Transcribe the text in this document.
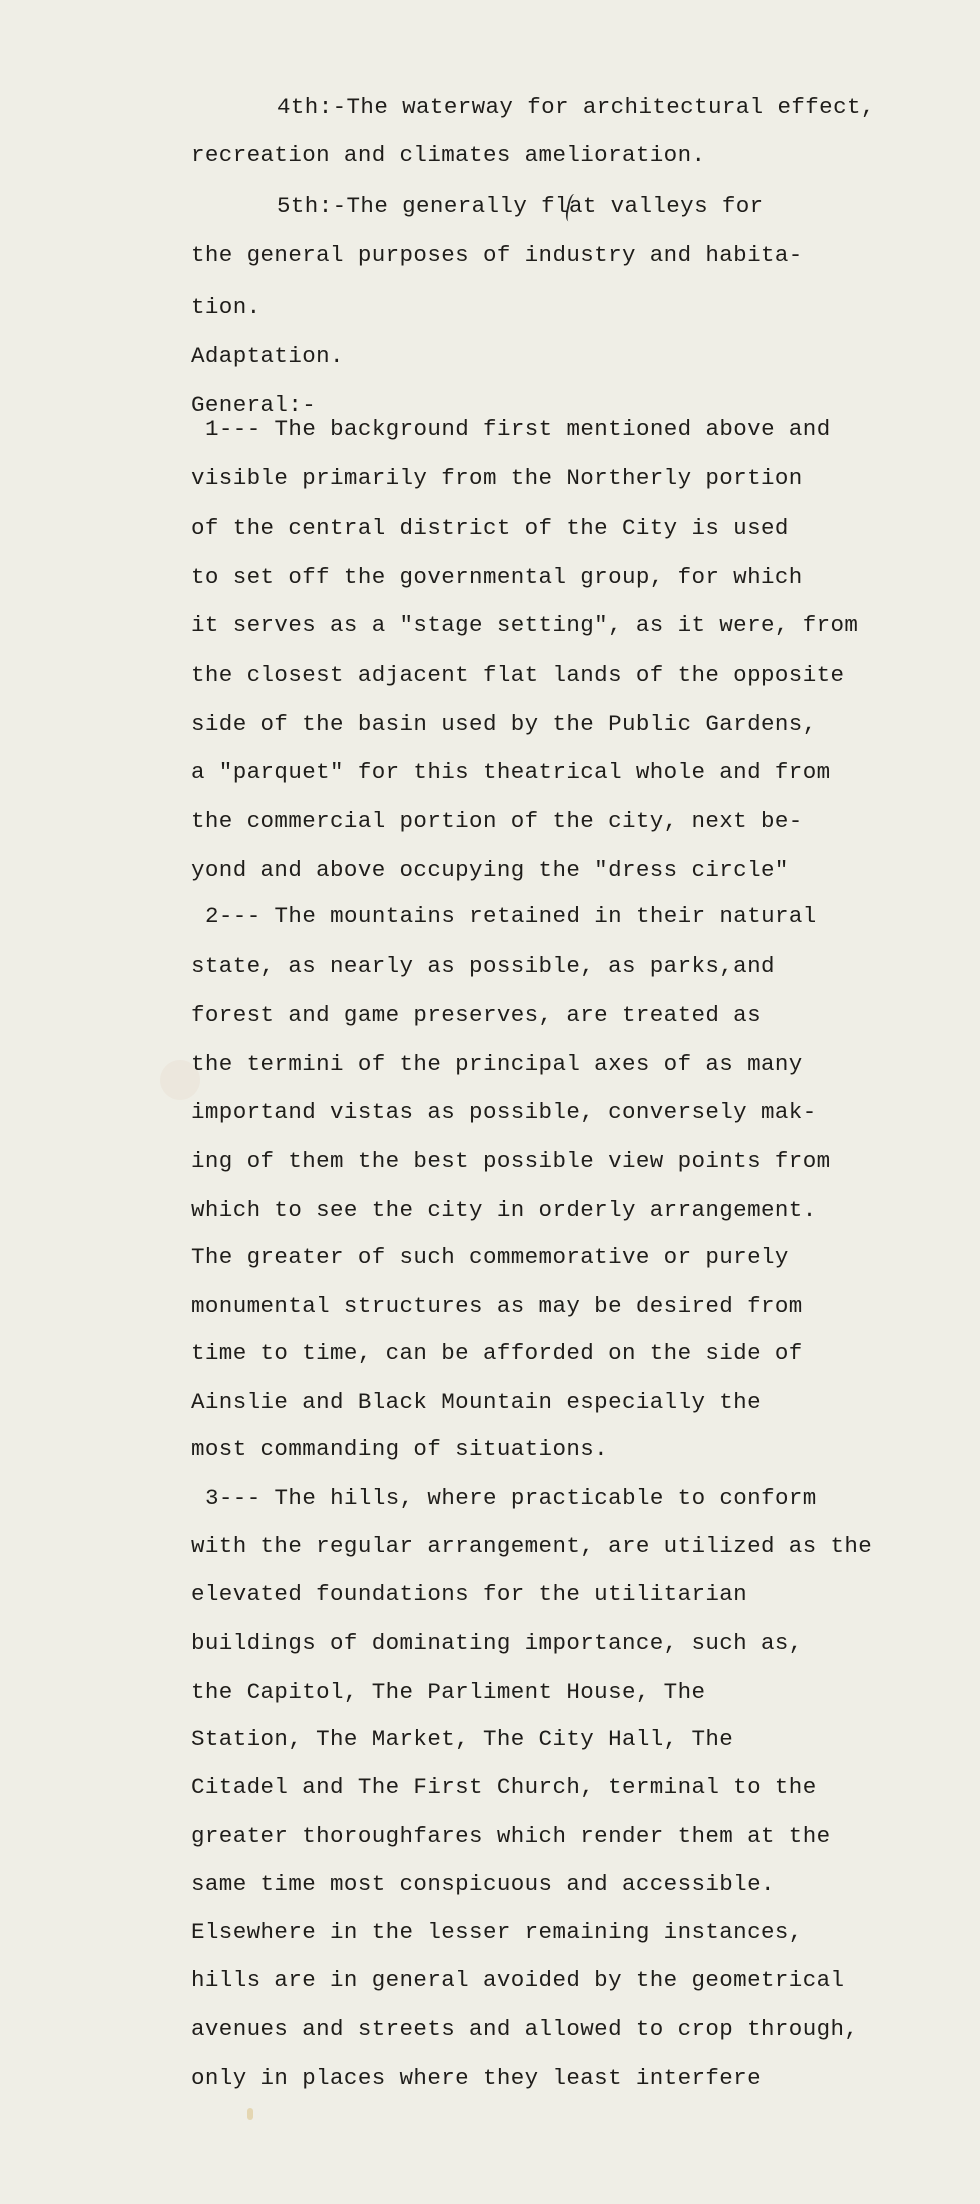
4th:-The waterway for architectural effect,
recreation and climates amelioration.
5th:-The generally flat valleys for
the general purposes of industry and habita-
tion.
Adaptation.
General:-
1--- The background first mentioned above and
visible primarily from the Northerly portion
of the central district of the City is used
to set off the governmental group, for which
it serves as a "stage setting", as it were, from
the closest adjacent flat lands of the opposite
side of the basin used by the Public Gardens,
a "parquet" for this theatrical whole and from
the commercial portion of the city, next be-
yond and above occupying the "dress circle"
2--- The mountains retained in their natural
state, as nearly as possible, as parks,and
forest and game preserves, are treated as
the termini of the principal axes of as many
importand vistas as possible, conversely mak-
ing of them the best possible view points from
which to see the city in orderly arrangement.
The greater of such commemorative or purely
monumental structures as may be desired from
time to time, can be afforded on the side of
Ainslie and Black Mountain especially the
most commanding of situations.
3--- The hills, where practicable to conform
with the regular arrangement, are utilized as the
elevated foundations for the utilitarian
buildings of dominating importance, such as,
the Capitol, The Parliment House, The
Station, The Market, The City Hall, The
Citadel and The First Church, terminal to the
greater thoroughfares which render them at the
same time most conspicuous and accessible.
Elsewhere in the lesser remaining instances,
hills are in general avoided by the geometrical
avenues and streets and allowed to crop through,
only in places where they least interfere
